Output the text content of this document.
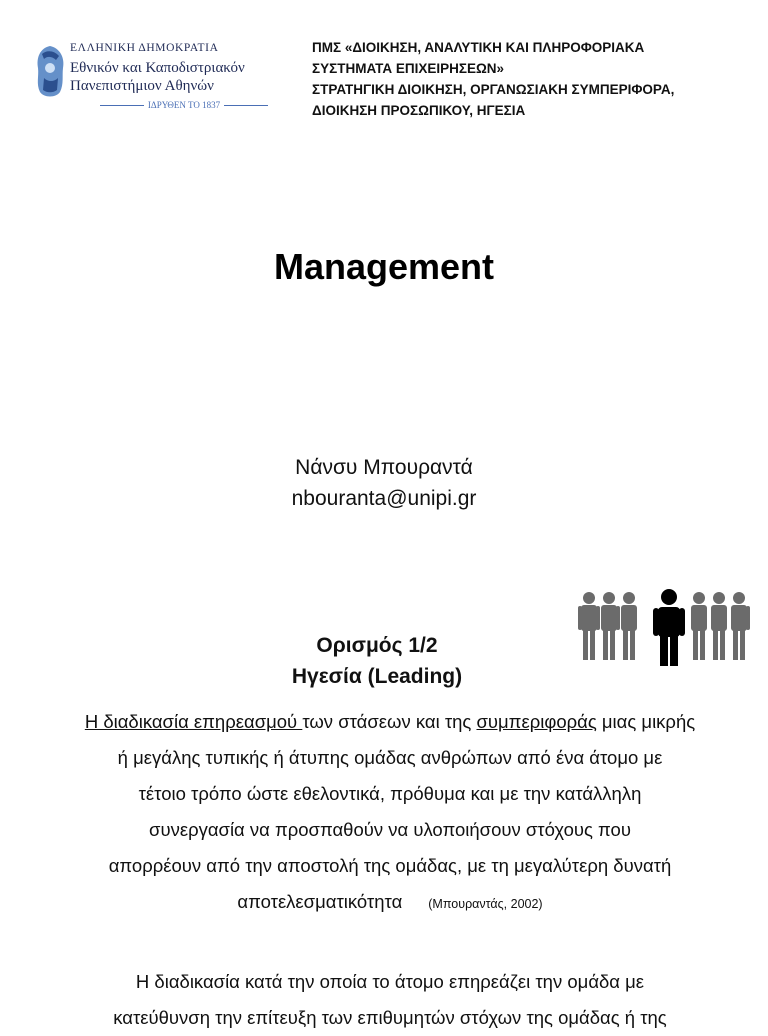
ΕΛΛΗΝΙΚΗ ΔΗΜΟΚΡΑΤΙΑ
Εθνικόν και Καποδιστριακόν
Πανεπιστήμιον Αθηνών
ΙΔΡΥΘΕΝ ΤΟ 1837
ΠΜΣ «ΔΙΟΙΚΗΣΗ, ΑΝΑΛΥΤΙΚΗ ΚΑΙ ΠΛΗΡΟΦΟΡΙΑΚΑ
ΣΥΣΤΗΜΑΤΑ ΕΠΙΧΕΙΡΗΣΕΩΝ»
ΣΤΡΑΤΗΓΙΚΗ ΔΙΟΙΚΗΣΗ, ΟΡΓΑΝΩΣΙΑΚΗ ΣΥΜΠΕΡΙΦΟΡΑ,
ΔΙΟΙΚΗΣΗ ΠΡΟΣΩΠΙΚΟΥ, ΗΓΕΣΙΑ
Management
Νάνσυ Μπουραντά
nbouranta@unipi.gr
Ορισμός 1/2
Ηγεσία (Leading)
Η διαδικασία επηρεασμού των στάσεων και της συμπεριφοράς μιας μικρής
ή μεγάλης τυπικής ή άτυπης ομάδας ανθρώπων από ένα άτομο με
τέτοιο τρόπο ώστε εθελοντικά, πρόθυμα και με την κατάλληλη
συνεργασία να προσπαθούν να υλοποιήσουν στόχους που
απορρέουν από την αποστολή της ομάδας, με τη μεγαλύτερη δυνατή
αποτελεσματικότητα (Μπουραντάς, 2002)
Η διαδικασία κατά την οποία το άτομο επηρεάζει την ομάδα με
κατεύθυνση την επίτευξη των επιθυμητών στόχων της ομάδας ή της
